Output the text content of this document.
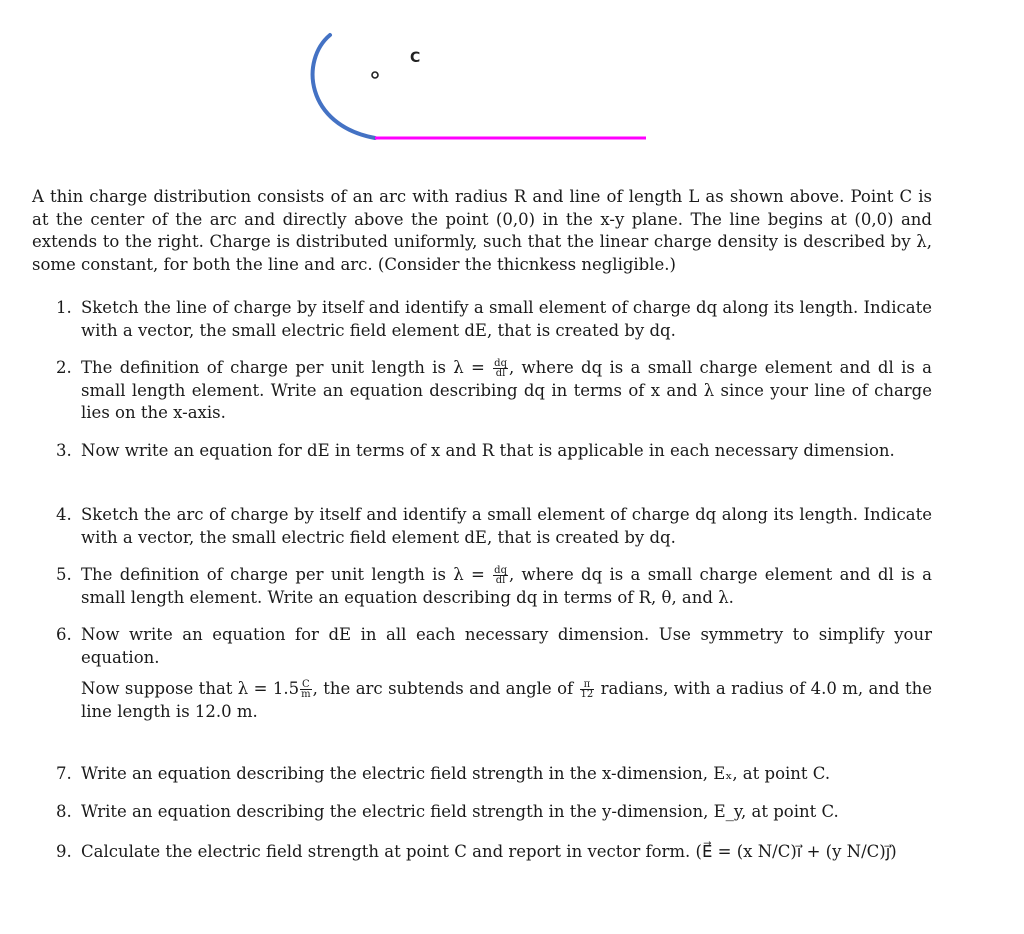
C

A thin charge distribution consists of an arc with radius R and line of length L as shown above. Point C is at the center of the arc and directly above the point (0,0) in the x-y plane. The line begins at (0,0) and extends to the right. Charge is distributed uniformly, such that the linear charge density is described by λ, some constant, for both the line and arc. (Consider the thicnkess negligible.)

1. Sketch the line of charge by itself and identify a small element of charge dq along its length. Indicate with a vector, the small electric field element dE, that is created by dq.
2. The definition of charge per unit length is $\lambda = \frac{dq}{dl}$ , where dq is a small charge element and dl is a small length element. Write an equation describing dq in terms of x and λ since your line of charge lies on the x-axis.
3. Now write an equation for dE in terms of x and R that is applicable in each necessary dimension.
4. Sketch the arc of charge by itself and identify a small element of charge dq along its length. Indicate with a vector, the small electric field element dE, that is created by dq.
5. The definition of charge per unit length is $\lambda = \frac{dq}{dl}$ , where dq is a small charge element and dl is a small length element. Write an equation describing dq in terms of R, θ, and λ.
6. Now write an equation for dE in all each necessary dimension. Use symmetry to simplify your equation.

Now suppose that $\lambda = 1.5 \frac{C}{m}$ , the arc subtends and angle of $\frac{\pi}{12}$ radians, with a radius of 4.0 m, and the line length is 12.0 m.

7. Write an equation describing the electric field strength in the x-dimension, Eₓ, at point C.
8. Write an equation describing the electric field strength in the y-dimension, E_y, at point C.
9. Calculate the electric field strength at point C and report in vector form. (E⃗ = (x N/C)i⃗ + (y N/C)j⃗)
